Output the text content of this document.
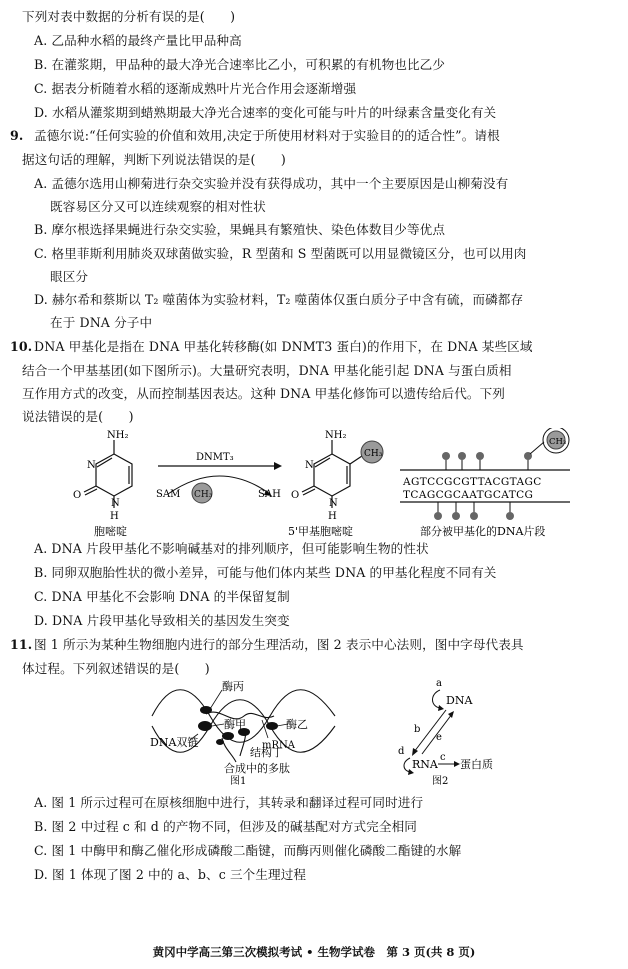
下列对表中数据的分析有误的是(　　)
A. 乙品种水稻的最终产量比甲品种高
B. 在灌浆期，甲品种的最大净光合速率比乙小，可积累的有机物也比乙少
C. 据表分析随着水稻的逐渐成熟叶片光合作用会逐渐增强
D. 水稻从灌浆期到蜡熟期最大净光合速率的变化可能与叶片的叶绿素含量变化有关
9. 孟德尔说:“任何实验的价值和效用,决定于所使用材料对于实验目的的适合性”。请根
据这句话的理解，判断下列说法错误的是(　　)
A. 孟德尔选用山柳菊进行杂交实验并没有获得成功，其中一个主要原因是山柳菊没有
既容易区分又可以连续观察的相对性状
B. 摩尔根选择果蝇进行杂交实验，果蝇具有繁殖快、染色体数目少等优点
C. 格里菲斯利用肺炎双球菌做实验，R 型菌和 S 型菌既可以用显微镜区分，也可以用肉
眼区分
D. 赫尔希和蔡斯以 T₂ 噬菌体为实验材料，T₂ 噬菌体仅蛋白质分子中含有硫，而磷都存
在于 DNA 分子中
10. DNA 甲基化是指在 DNA 甲基化转移酶(如 DNMT3 蛋白)的作用下，在 DNA 某些区域
结合一个甲基基团(如下图所示)。大量研究表明，DNA 甲基化能引起 DNA 与蛋白质相
互作用方式的改变，从而控制基因表达。这种 DNA 甲基化修饰可以遗传给后代。下列
说法错误的是(　　)
NH₂
N
O
N
H
胞嘧啶
DNMT₃
SAM CH₃	SAH
NH₂
N
O
N
H
CH₃
5'甲基胞嘧啶
CH₃
AGTCCGCGTTACGTAGC
TCAGCGCAATGCATCG
部分被甲基化的DNA片段
A. DNA 片段甲基化不影响碱基对的排列顺序，但可能影响生物的性状
B. 同卵双胞胎性状的微小差异，可能与他们体内某些 DNA 的甲基化程度不同有关
C. DNA 甲基化不会影响 DNA 的半保留复制
D. DNA 片段甲基化导致相关的基因发生突变
11. 图 1 所示为某种生物细胞内进行的部分生理活动，图 2 表示中心法则，图中字母代表具
体过程。下列叙述错误的是(　　)
酶丙
酶甲	酶乙
mRNA
DNA双链
结构丁
合成中的多肽
图1
a
DNA
b
e
d
RNA 蛋白质
c
图2
A. 图 1 所示过程可在原核细胞中进行，其转录和翻译过程可同时进行
B. 图 2 中过程 c 和 d 的产物不同，但涉及的碱基配对方式完全相同
C. 图 1 中酶甲和酶乙催化形成磷酸二酯键，而酶丙则催化磷酸二酯键的水解
D. 图 1 体现了图 2 中的 a、b、c 三个生理过程
黄冈中学高三第三次模拟考试 • 生物学试卷　第 3 页(共 8 页)
